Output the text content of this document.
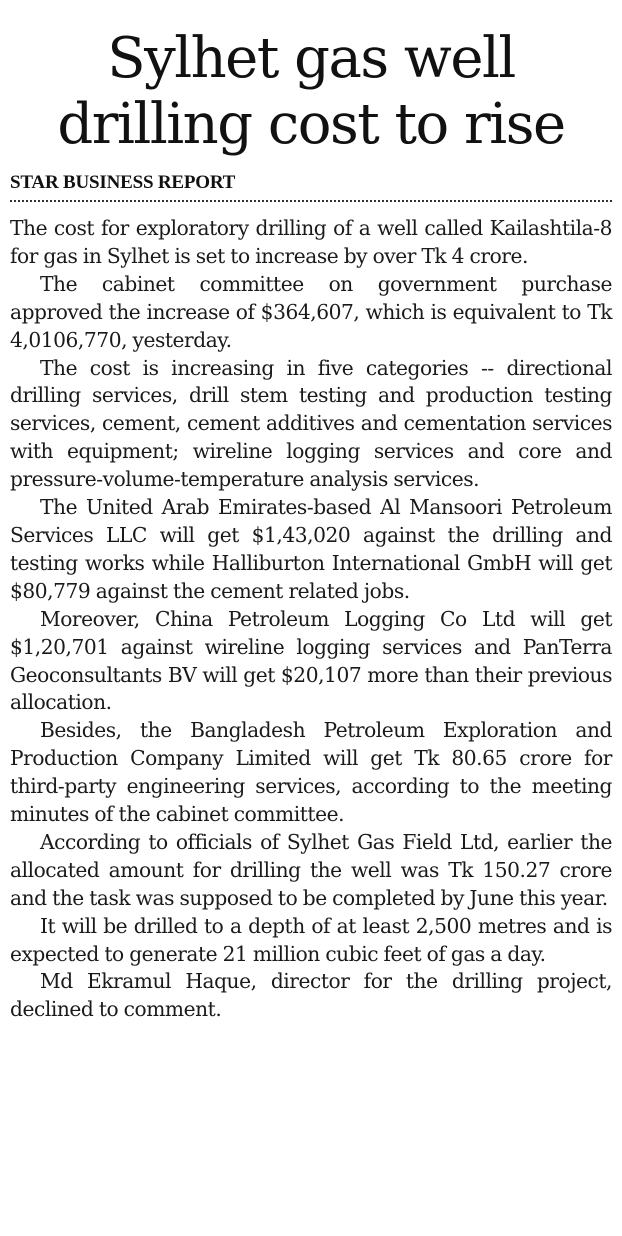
Sylhet gas well
drilling cost to rise
STAR BUSINESS REPORT

The cost for exploratory drilling of a well called Kailashtila-8 for gas in Sylhet is set to increase by over Tk 4 crore.

The cabinet committee on government purchase approved the increase of $364,607, which is equivalent to Tk 4,0106,770, yesterday.

The cost is increasing in five categories -- directional drilling services, drill stem testing and production testing services, cement, cement additives and cementation services with equipment; wireline logging services and core and pressure-volume-temperature analysis services.

The United Arab Emirates-based Al Mansoori Petroleum Services LLC will get $1,43,020 against the drilling and testing works while Halliburton International GmbH will get $80,779 against the cement related jobs.

Moreover, China Petroleum Logging Co Ltd will get $1,20,701 against wireline logging services and PanTerra Geoconsultants BV will get $20,107 more than their previous allocation.

Besides, the Bangladesh Petroleum Exploration and Production Company Limited will get Tk 80.65 crore for third-party engineering services, according to the meeting minutes of the cabinet committee.

According to officials of Sylhet Gas Field Ltd, earlier the allocated amount for drilling the well was Tk 150.27 crore and the task was supposed to be completed by June this year.

It will be drilled to a depth of at least 2,500 metres and is expected to generate 21 million cubic feet of gas a day.

Md Ekramul Haque, director for the drilling project, declined to comment.
